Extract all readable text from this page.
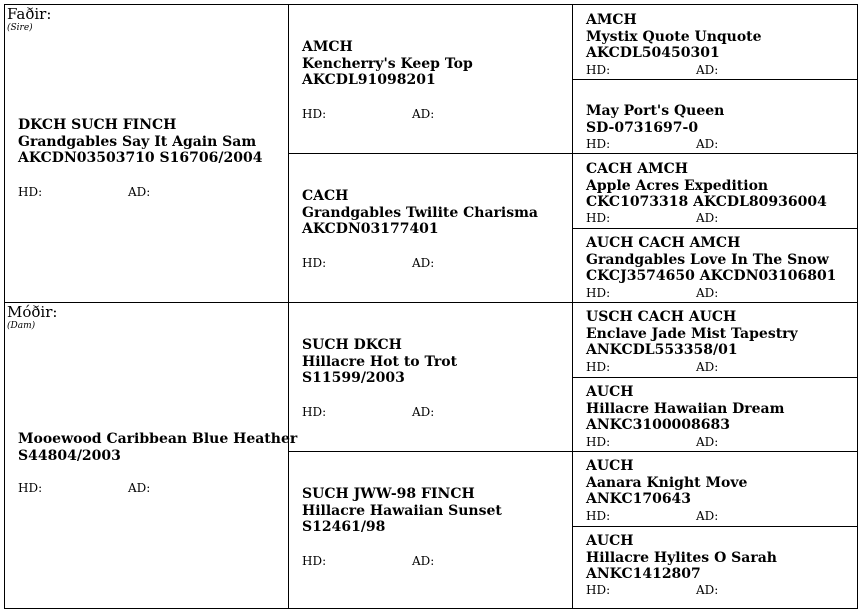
Faðir:
(Sire)
DKCH SUCH FINCH
Grandgables Say It Again Sam
AKCDN03503710 S16706/2004
HD:	AD:
Móðir:
(Dam)
Mooewood Caribbean Blue Heather
S44804/2003
HD:	AD:
AMCH
Kencherry's Keep Top
AKCDL91098201
HD:	AD:
CACH
Grandgables Twilite Charisma
AKCDN03177401
HD:	AD:
SUCH DKCH
Hillacre Hot to Trot
S11599/2003
HD:	AD:
SUCH JWW-98 FINCH
Hillacre Hawaiian Sunset
S12461/98
HD:	AD:
AMCH
Mystix Quote Unquote
AKCDL50450301
HD:	AD:
May Port's Queen
SD-0731697-0
HD:	AD:
CACH AMCH
Apple Acres Expedition
CKC1073318 AKCDL80936004
HD:	AD:
AUCH CACH AMCH
Grandgables Love In The Snow
CKCJ3574650 AKCDN03106801
HD:	AD:
USCH CACH AUCH
Enclave Jade Mist Tapestry
ANKCDL553358/01
HD:	AD:
AUCH
Hillacre Hawaiian Dream
ANKC3100008683
HD:	AD:
AUCH
Aanara Knight Move
ANKC170643
HD:	AD:
AUCH
Hillacre Hylites O Sarah
ANKC1412807
HD:	AD:
